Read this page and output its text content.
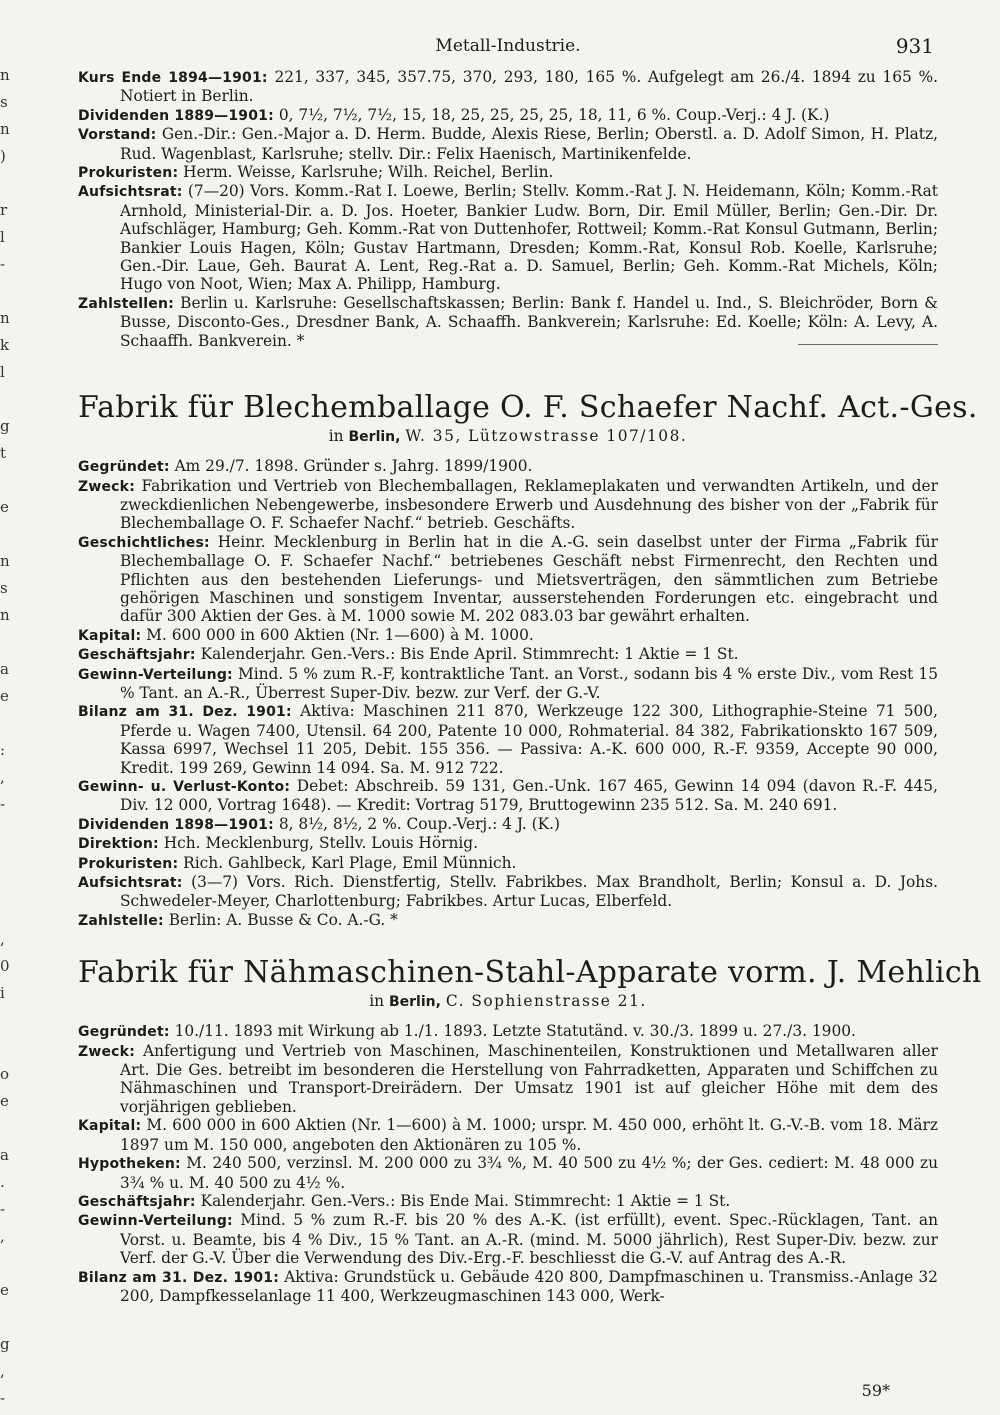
n
s
n
)
r
l
-
n
k
l
g
t
e
n
s
n
a
e
:
,
-
,
0
i
o
e
a
.
-
,
e
g
,
-
Metall-Industrie.	931

Kurs Ende 1894—1901: 221, 337, 345, 357.75, 370, 293, 180, 165 %. Aufgelegt am 26./4. 1894 zu 165 %. Notiert in Berlin.

Dividenden 1889—1901: 0, 7½, 7½, 7½, 15, 18, 25, 25, 25, 25, 18, 11, 6 %. Coup.-Verj.: 4 J. (K.)

Vorstand: Gen.-Dir.: Gen.-Major a. D. Herm. Budde, Alexis Riese, Berlin; Oberstl. a. D. Adolf Simon, H. Platz, Rud. Wagenblast, Karlsruhe; stellv. Dir.: Felix Haenisch, Martinikenfelde.

Prokuristen: Herm. Weisse, Karlsruhe; Wilh. Reichel, Berlin.

Aufsichtsrat: (7—20) Vors. Komm.-Rat I. Loewe, Berlin; Stellv. Komm.-Rat J. N. Heidemann, Köln; Komm.-Rat Arnhold, Ministerial-Dir. a. D. Jos. Hoeter, Bankier Ludw. Born, Dir. Emil Müller, Berlin; Gen.-Dir. Dr. Aufschläger, Hamburg; Geh. Komm.-Rat von Duttenhofer, Rottweil; Komm.-Rat Konsul Gutmann, Berlin; Bankier Louis Hagen, Köln; Gustav Hartmann, Dresden; Komm.-Rat, Konsul Rob. Koelle, Karlsruhe; Gen.-Dir. Laue, Geh. Baurat A. Lent, Reg.-Rat a. D. Samuel, Berlin; Geh. Komm.-Rat Michels, Köln; Hugo von Noot, Wien; Max A. Philipp, Hamburg.

Zahlstellen: Berlin u. Karlsruhe: Gesellschaftskassen; Berlin: Bank f. Handel u. Ind., S. Bleichröder, Born & Busse, Disconto-Ges., Dresdner Bank, A. Schaaffh. Bankverein; Karlsruhe: Ed. Koelle; Köln: A. Levy, A. Schaaffh. Bankverein. *

Fabrik für Blechemballage O. F. Schaefer Nachf. Act.-Ges.
in Berlin, W. 35, Lützowstrasse 107/108.

Gegründet: Am 29./7. 1898. Gründer s. Jahrg. 1899/1900.

Zweck: Fabrikation und Vertrieb von Blechemballagen, Reklameplakaten und verwandten Artikeln, und der zweckdienlichen Nebengewerbe, insbesondere Erwerb und Ausdehnung des bisher von der „Fabrik für Blechemballage O. F. Schaefer Nachf.“ betrieb. Geschäfts.

Geschichtliches: Heinr. Mecklenburg in Berlin hat in die A.-G. sein daselbst unter der Firma „Fabrik für Blechemballage O. F. Schaefer Nachf.“ betriebenes Geschäft nebst Firmenrecht, den Rechten und Pflichten aus den bestehenden Lieferungs- und Mietsverträgen, den sämmtlichen zum Betriebe gehörigen Maschinen und sonstigem Inventar, ausserstehenden Forderungen etc. eingebracht und dafür 300 Aktien der Ges. à M. 1000 sowie M. 202 083.03 bar gewährt erhalten.

Kapital: M. 600 000 in 600 Aktien (Nr. 1—600) à M. 1000.

Geschäftsjahr: Kalenderjahr. Gen.-Vers.: Bis Ende April. Stimmrecht: 1 Aktie = 1 St.

Gewinn-Verteilung: Mind. 5 % zum R.-F, kontraktliche Tant. an Vorst., sodann bis 4 % erste Div., vom Rest 15 % Tant. an A.-R., Überrest Super-Div. bezw. zur Verf. der G.-V.

Bilanz am 31. Dez. 1901: Aktiva: Maschinen 211 870, Werkzeuge 122 300, Lithographie-Steine 71 500, Pferde u. Wagen 7400, Utensil. 64 200, Patente 10 000, Rohmaterial. 84 382, Fabrikationskto 167 509, Kassa 6997, Wechsel 11 205, Debit. 155 356. — Passiva: A.-K. 600 000, R.-F. 9359, Accepte 90 000, Kredit. 199 269, Gewinn 14 094. Sa. M. 912 722.

Gewinn- u. Verlust-Konto: Debet: Abschreib. 59 131, Gen.-Unk. 167 465, Gewinn 14 094 (davon R.-F. 445, Div. 12 000, Vortrag 1648). — Kredit: Vortrag 5179, Bruttogewinn 235 512. Sa. M. 240 691.

Dividenden 1898—1901: 8, 8½, 8½, 2 %. Coup.-Verj.: 4 J. (K.)

Direktion: Hch. Mecklenburg, Stellv. Louis Hörnig.

Prokuristen: Rich. Gahlbeck, Karl Plage, Emil Münnich.

Aufsichtsrat: (3—7) Vors. Rich. Dienstfertig, Stellv. Fabrikbes. Max Brandholt, Berlin; Konsul a. D. Johs. Schwedeler-Meyer, Charlottenburg; Fabrikbes. Artur Lucas, Elberfeld.

Zahlstelle: Berlin: A. Busse & Co. A.-G. *

Fabrik für Nähmaschinen-Stahl-Apparate vorm. J. Mehlich
in Berlin, C. Sophienstrasse 21.

Gegründet: 10./11. 1893 mit Wirkung ab 1./1. 1893. Letzte Statutänd. v. 30./3. 1899 u. 27./3. 1900.

Zweck: Anfertigung und Vertrieb von Maschinen, Maschinenteilen, Konstruktionen und Metallwaren aller Art. Die Ges. betreibt im besonderen die Herstellung von Fahrradketten, Apparaten und Schiffchen zu Nähmaschinen und Transport-Dreirädern. Der Umsatz 1901 ist auf gleicher Höhe mit dem des vorjährigen geblieben.

Kapital: M. 600 000 in 600 Aktien (Nr. 1—600) à M. 1000; urspr. M. 450 000, erhöht lt. G.-V.-B. vom 18. März 1897 um M. 150 000, angeboten den Aktionären zu 105 %.

Hypotheken: M. 240 500, verzinsl. M. 200 000 zu 3¾ %, M. 40 500 zu 4½ %; der Ges. cediert: M. 48 000 zu 3¾ % u. M. 40 500 zu 4½ %.

Geschäftsjahr: Kalenderjahr. Gen.-Vers.: Bis Ende Mai. Stimmrecht: 1 Aktie = 1 St.

Gewinn-Verteilung: Mind. 5 % zum R.-F. bis 20 % des A.-K. (ist erfüllt), event. Spec.-Rücklagen, Tant. an Vorst. u. Beamte, bis 4 % Div., 15 % Tant. an A.-R. (mind. M. 5000 jährlich), Rest Super-Div. bezw. zur Verf. der G.-V. Über die Verwendung des Div.-Erg.-F. beschliesst die G.-V. auf Antrag des A.-R.

Bilanz am 31. Dez. 1901: Aktiva: Grundstück u. Gebäude 420 800, Dampfmaschinen u. Transmiss.-Anlage 32 200, Dampfkesselanlage 11 400, Werkzeugmaschinen 143 000, Werk-

59*
